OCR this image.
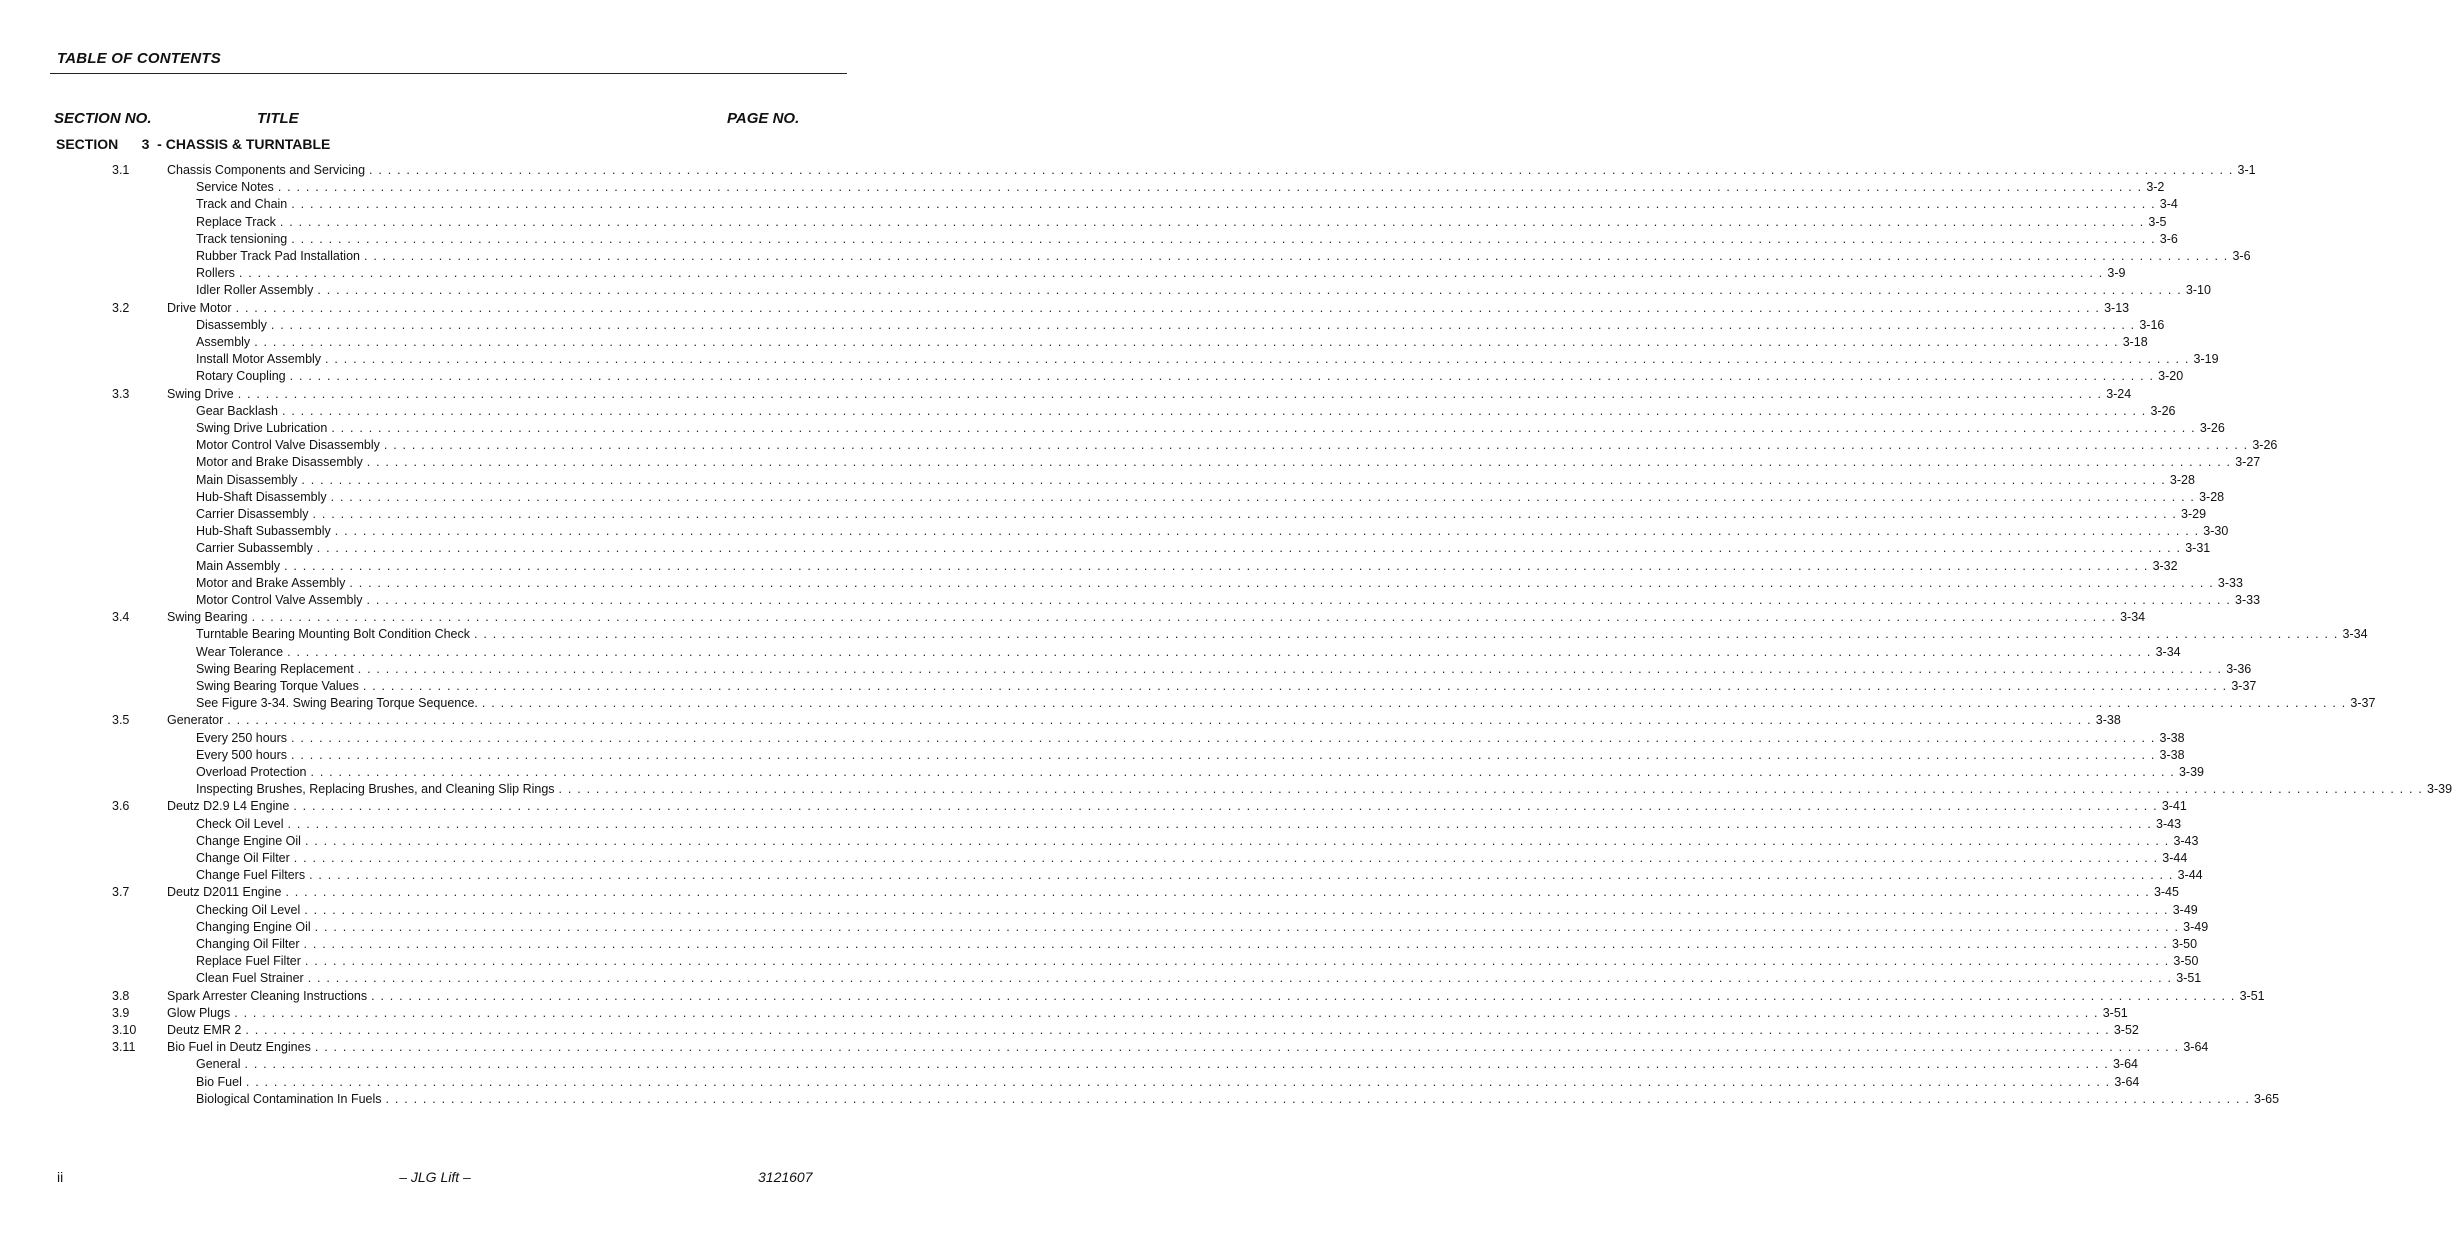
TABLE OF CONTENTS
SECTION NO.	TITLE	PAGE NO.
SECTION 3 - CHASSIS & TURNTABLE
3.1	Chassis Components and Servicing . . . . . . . . . . . . . . . . . . . . . . . . . . . . . . . . . . . . . . . . . . . . . . . . . . . . . . . . . . . . . . . . . . . . . . . . . . . . . . . . . . . . . . . . . . . . . . . . . . . . . . . . . . . . . . . . . . . . . . . . . . . . . . . . . . . . . . . . . . . . . . . . . . . . . . . . . . . . . . . . . . . . . . . . . . . . . . . . . . . . . . . . . . . . . . . . . . . . . . . . 3-1
Service Notes . . . . . . . . . . . . . . . . . . . . . . . . . . . . . . . . . . . . . . . . . . . . . . . . . . . . . . . . . . . . . . . . . . . . . . . . . . . . . . . . . . . . . . . . . . . . . . . . . . . . . . . . . . . . . . . . . . . . . . . . . . . . . . . . . . . . . . . . . . . . . . . . . . . . . . . . . . . . . . . . . . . . . . . . . . . . . . . . . . . . . . . . . . . . . . . . . . . . . . . . 3-2
Track and Chain . . . . . . . . . . . . . . . . . . . . . . . . . . . . . . . . . . . . . . . . . . . . . . . . . . . . . . . . . . . . . . . . . . . . . . . . . . . . . . . . . . . . . . . . . . . . . . . . . . . . . . . . . . . . . . . . . . . . . . . . . . . . . . . . . . . . . . . . . . . . . . . . . . . . . . . . . . . . . . . . . . . . . . . . . . . . . . . . . . . . . . . . . . . . . . . . . . . . . . . . 3-4
Replace Track . . . . . . . . . . . . . . . . . . . . . . . . . . . . . . . . . . . . . . . . . . . . . . . . . . . . . . . . . . . . . . . . . . . . . . . . . . . . . . . . . . . . . . . . . . . . . . . . . . . . . . . . . . . . . . . . . . . . . . . . . . . . . . . . . . . . . . . . . . . . . . . . . . . . . . . . . . . . . . . . . . . . . . . . . . . . . . . . . . . . . . . . . . . . . . . . . . . . . . . . 3-5
Track tensioning . . . . . . . . . . . . . . . . . . . . . . . . . . . . . . . . . . . . . . . . . . . . . . . . . . . . . . . . . . . . . . . . . . . . . . . . . . . . . . . . . . . . . . . . . . . . . . . . . . . . . . . . . . . . . . . . . . . . . . . . . . . . . . . . . . . . . . . . . . . . . . . . . . . . . . . . . . . . . . . . . . . . . . . . . . . . . . . . . . . . . . . . . . . . . . . . . . . . . . . . 3-6
Rubber Track Pad Installation . . . . . . . . . . . . . . . . . . . . . . . . . . . . . . . . . . . . . . . . . . . . . . . . . . . . . . . . . . . . . . . . . . . . . . . . . . . . . . . . . . . . . . . . . . . . . . . . . . . . . . . . . . . . . . . . . . . . . . . . . . . . . . . . . . . . . . . . . . . . . . . . . . . . . . . . . . . . . . . . . . . . . . . . . . . . . . . . . . . . . . . . . . . . . . . . . . . . . . . . 3-6
Rollers . . . . . . . . . . . . . . . . . . . . . . . . . . . . . . . . . . . . . . . . . . . . . . . . . . . . . . . . . . . . . . . . . . . . . . . . . . . . . . . . . . . . . . . . . . . . . . . . . . . . . . . . . . . . . . . . . . . . . . . . . . . . . . . . . . . . . . . . . . . . . . . . . . . . . . . . . . . . . . . . . . . . . . . . . . . . . . . . . . . . . . . . . . . . . . . . . . . . . . . . 3-9
Idler Roller Assembly . . . . . . . . . . . . . . . . . . . . . . . . . . . . . . . . . . . . . . . . . . . . . . . . . . . . . . . . . . . . . . . . . . . . . . . . . . . . . . . . . . . . . . . . . . . . . . . . . . . . . . . . . . . . . . . . . . . . . . . . . . . . . . . . . . . . . . . . . . . . . . . . . . . . . . . . . . . . . . . . . . . . . . . . . . . . . . . . . . . . . . . . . . . . . . . . . . . . . . . . 3-10
3.2	Drive Motor . . . . . . . . . . . . . . . . . . . . . . . . . . . . . . . . . . . . . . . . . . . . . . . . . . . . . . . . . . . . . . . . . . . . . . . . . . . . . . . . . . . . . . . . . . . . . . . . . . . . . . . . . . . . . . . . . . . . . . . . . . . . . . . . . . . . . . . . . . . . . . . . . . . . . . . . . . . . . . . . . . . . . . . . . . . . . . . . . . . . . . . . . . . . . . . . . . . . . . . . 3-13
Disassembly . . . . . . . . . . . . . . . . . . . . . . . . . . . . . . . . . . . . . . . . . . . . . . . . . . . . . . . . . . . . . . . . . . . . . . . . . . . . . . . . . . . . . . . . . . . . . . . . . . . . . . . . . . . . . . . . . . . . . . . . . . . . . . . . . . . . . . . . . . . . . . . . . . . . . . . . . . . . . . . . . . . . . . . . . . . . . . . . . . . . . . . . . . . . . . . . . . . . . . . . 3-16
Assembly . . . . . . . . . . . . . . . . . . . . . . . . . . . . . . . . . . . . . . . . . . . . . . . . . . . . . . . . . . . . . . . . . . . . . . . . . . . . . . . . . . . . . . . . . . . . . . . . . . . . . . . . . . . . . . . . . . . . . . . . . . . . . . . . . . . . . . . . . . . . . . . . . . . . . . . . . . . . . . . . . . . . . . . . . . . . . . . . . . . . . . . . . . . . . . . . . . . . . . . . 3-18
Install Motor Assembly . . . . . . . . . . . . . . . . . . . . . . . . . . . . . . . . . . . . . . . . . . . . . . . . . . . . . . . . . . . . . . . . . . . . . . . . . . . . . . . . . . . . . . . . . . . . . . . . . . . . . . . . . . . . . . . . . . . . . . . . . . . . . . . . . . . . . . . . . . . . . . . . . . . . . . . . . . . . . . . . . . . . . . . . . . . . . . . . . . . . . . . . . . . . . . . . . . . . . . . . 3-19
Rotary Coupling . . . . . . . . . . . . . . . . . . . . . . . . . . . . . . . . . . . . . . . . . . . . . . . . . . . . . . . . . . . . . . . . . . . . . . . . . . . . . . . . . . . . . . . . . . . . . . . . . . . . . . . . . . . . . . . . . . . . . . . . . . . . . . . . . . . . . . . . . . . . . . . . . . . . . . . . . . . . . . . . . . . . . . . . . . . . . . . . . . . . . . . . . . . . . . . . . . . . . . . . 3-20
3.3	Swing Drive . . . . . . . . . . . . . . . . . . . . . . . . . . . . . . . . . . . . . . . . . . . . . . . . . . . . . . . . . . . . . . . . . . . . . . . . . . . . . . . . . . . . . . . . . . . . . . . . . . . . . . . . . . . . . . . . . . . . . . . . . . . . . . . . . . . . . . . . . . . . . . . . . . . . . . . . . . . . . . . . . . . . . . . . . . . . . . . . . . . . . . . . . . . . . . . . . . . . . . . . 3-24
Gear Backlash . . . . . . . . . . . . . . . . . . . . . . . . . . . . . . . . . . . . . . . . . . . . . . . . . . . . . . . . . . . . . . . . . . . . . . . . . . . . . . . . . . . . . . . . . . . . . . . . . . . . . . . . . . . . . . . . . . . . . . . . . . . . . . . . . . . . . . . . . . . . . . . . . . . . . . . . . . . . . . . . . . . . . . . . . . . . . . . . . . . . . . . . . . . . . . . . . . . . . . . . 3-26
Swing Drive Lubrication . . . . . . . . . . . . . . . . . . . . . . . . . . . . . . . . . . . . . . . . . . . . . . . . . . . . . . . . . . . . . . . . . . . . . . . . . . . . . . . . . . . . . . . . . . . . . . . . . . . . . . . . . . . . . . . . . . . . . . . . . . . . . . . . . . . . . . . . . . . . . . . . . . . . . . . . . . . . . . . . . . . . . . . . . . . . . . . . . . . . . . . . . . . . . . . . . . . . . . . . 3-26
Motor Control Valve Disassembly . . . . . . . . . . . . . . . . . . . . . . . . . . . . . . . . . . . . . . . . . . . . . . . . . . . . . . . . . . . . . . . . . . . . . . . . . . . . . . . . . . . . . . . . . . . . . . . . . . . . . . . . . . . . . . . . . . . . . . . . . . . . . . . . . . . . . . . . . . . . . . . . . . . . . . . . . . . . . . . . . . . . . . . . . . . . . . . . . . . . . . . . . . . . . . . . . . . . . . . . 3-26
Motor and Brake Disassembly . . . . . . . . . . . . . . . . . . . . . . . . . . . . . . . . . . . . . . . . . . . . . . . . . . . . . . . . . . . . . . . . . . . . . . . . . . . . . . . . . . . . . . . . . . . . . . . . . . . . . . . . . . . . . . . . . . . . . . . . . . . . . . . . . . . . . . . . . . . . . . . . . . . . . . . . . . . . . . . . . . . . . . . . . . . . . . . . . . . . . . . . . . . . . . . . . . . . . . . . 3-27
Main Disassembly . . . . . . . . . . . . . . . . . . . . . . . . . . . . . . . . . . . . . . . . . . . . . . . . . . . . . . . . . . . . . . . . . . . . . . . . . . . . . . . . . . . . . . . . . . . . . . . . . . . . . . . . . . . . . . . . . . . . . . . . . . . . . . . . . . . . . . . . . . . . . . . . . . . . . . . . . . . . . . . . . . . . . . . . . . . . . . . . . . . . . . . . . . . . . . . . . . . . . . . . 3-28
Hub-Shaft Disassembly . . . . . . . . . . . . . . . . . . . . . . . . . . . . . . . . . . . . . . . . . . . . . . . . . . . . . . . . . . . . . . . . . . . . . . . . . . . . . . . . . . . . . . . . . . . . . . . . . . . . . . . . . . . . . . . . . . . . . . . . . . . . . . . . . . . . . . . . . . . . . . . . . . . . . . . . . . . . . . . . . . . . . . . . . . . . . . . . . . . . . . . . . . . . . . . . . . . . . . . . 3-28
Carrier Disassembly . . . . . . . . . . . . . . . . . . . . . . . . . . . . . . . . . . . . . . . . . . . . . . . . . . . . . . . . . . . . . . . . . . . . . . . . . . . . . . . . . . . . . . . . . . . . . . . . . . . . . . . . . . . . . . . . . . . . . . . . . . . . . . . . . . . . . . . . . . . . . . . . . . . . . . . . . . . . . . . . . . . . . . . . . . . . . . . . . . . . . . . . . . . . . . . . . . . . . . . . 3-29
Hub-Shaft Subassembly . . . . . . . . . . . . . . . . . . . . . . . . . . . . . . . . . . . . . . . . . . . . . . . . . . . . . . . . . . . . . . . . . . . . . . . . . . . . . . . . . . . . . . . . . . . . . . . . . . . . . . . . . . . . . . . . . . . . . . . . . . . . . . . . . . . . . . . . . . . . . . . . . . . . . . . . . . . . . . . . . . . . . . . . . . . . . . . . . . . . . . . . . . . . . . . . . . . . . . . . 3-30
Carrier Subassembly . . . . . . . . . . . . . . . . . . . . . . . . . . . . . . . . . . . . . . . . . . . . . . . . . . . . . . . . . . . . . . . . . . . . . . . . . . . . . . . . . . . . . . . . . . . . . . . . . . . . . . . . . . . . . . . . . . . . . . . . . . . . . . . . . . . . . . . . . . . . . . . . . . . . . . . . . . . . . . . . . . . . . . . . . . . . . . . . . . . . . . . . . . . . . . . . . . . . . . . . 3-31
Main Assembly . . . . . . . . . . . . . . . . . . . . . . . . . . . . . . . . . . . . . . . . . . . . . . . . . . . . . . . . . . . . . . . . . . . . . . . . . . . . . . . . . . . . . . . . . . . . . . . . . . . . . . . . . . . . . . . . . . . . . . . . . . . . . . . . . . . . . . . . . . . . . . . . . . . . . . . . . . . . . . . . . . . . . . . . . . . . . . . . . . . . . . . . . . . . . . . . . . . . . . . . 3-32
Motor and Brake Assembly . . . . . . . . . . . . . . . . . . . . . . . . . . . . . . . . . . . . . . . . . . . . . . . . . . . . . . . . . . . . . . . . . . . . . . . . . . . . . . . . . . . . . . . . . . . . . . . . . . . . . . . . . . . . . . . . . . . . . . . . . . . . . . . . . . . . . . . . . . . . . . . . . . . . . . . . . . . . . . . . . . . . . . . . . . . . . . . . . . . . . . . . . . . . . . . . . . . . . . . . 3-33
Motor Control Valve Assembly . . . . . . . . . . . . . . . . . . . . . . . . . . . . . . . . . . . . . . . . . . . . . . . . . . . . . . . . . . . . . . . . . . . . . . . . . . . . . . . . . . . . . . . . . . . . . . . . . . . . . . . . . . . . . . . . . . . . . . . . . . . . . . . . . . . . . . . . . . . . . . . . . . . . . . . . . . . . . . . . . . . . . . . . . . . . . . . . . . . . . . . . . . . . . . . . . . . . . . . . 3-33
3.4	Swing Bearing . . . . . . . . . . . . . . . . . . . . . . . . . . . . . . . . . . . . . . . . . . . . . . . . . . . . . . . . . . . . . . . . . . . . . . . . . . . . . . . . . . . . . . . . . . . . . . . . . . . . . . . . . . . . . . . . . . . . . . . . . . . . . . . . . . . . . . . . . . . . . . . . . . . . . . . . . . . . . . . . . . . . . . . . . . . . . . . . . . . . . . . . . . . . . . . . . . . . . . . . 3-34
Turntable Bearing Mounting Bolt Condition Check . . . . . . . . . . . . . . . . . . . . . . . . . . . . . . . . . . . . . . . . . . . . . . . . . . . . . . . . . . . . . . . . . . . . . . . . . . . . . . . . . . . . . . . . . . . . . . . . . . . . . . . . . . . . . . . . . . . . . . . . . . . . . . . . . . . . . . . . . . . . . . . . . . . . . . . . . . . . . . . . . . . . . . . . . . . . . . . . . . . . . . . . . . . . . . . . . . . . . . . . 3-34
Wear Tolerance . . . . . . . . . . . . . . . . . . . . . . . . . . . . . . . . . . . . . . . . . . . . . . . . . . . . . . . . . . . . . . . . . . . . . . . . . . . . . . . . . . . . . . . . . . . . . . . . . . . . . . . . . . . . . . . . . . . . . . . . . . . . . . . . . . . . . . . . . . . . . . . . . . . . . . . . . . . . . . . . . . . . . . . . . . . . . . . . . . . . . . . . . . . . . . . . . . . . . . . . 3-34
Swing Bearing Replacement . . . . . . . . . . . . . . . . . . . . . . . . . . . . . . . . . . . . . . . . . . . . . . . . . . . . . . . . . . . . . . . . . . . . . . . . . . . . . . . . . . . . . . . . . . . . . . . . . . . . . . . . . . . . . . . . . . . . . . . . . . . . . . . . . . . . . . . . . . . . . . . . . . . . . . . . . . . . . . . . . . . . . . . . . . . . . . . . . . . . . . . . . . . . . . . . . . . . . . . . 3-36
Swing Bearing Torque Values . . . . . . . . . . . . . . . . . . . . . . . . . . . . . . . . . . . . . . . . . . . . . . . . . . . . . . . . . . . . . . . . . . . . . . . . . . . . . . . . . . . . . . . . . . . . . . . . . . . . . . . . . . . . . . . . . . . . . . . . . . . . . . . . . . . . . . . . . . . . . . . . . . . . . . . . . . . . . . . . . . . . . . . . . . . . . . . . . . . . . . . . . . . . . . . . . . . . . . . . 3-37
See Figure 3-34. Swing Bearing Torque Sequence. . . . . . . . . . . . . . . . . . . . . . . . . . . . . . . . . . . . . . . . . . . . . . . . . . . . . . . . . . . . . . . . . . . . . . . . . . . . . . . . . . . . . . . . . . . . . . . . . . . . . . . . . . . . . . . . . . . . . . . . . . . . . . . . . . . . . . . . . . . . . . . . . . . . . . . . . . . . . . . . . . . . . . . . . . . . . . . . . . . . . . . . . . . . . . . . . . . . . . . . . 3-37
3.5	Generator . . . . . . . . . . . . . . . . . . . . . . . . . . . . . . . . . . . . . . . . . . . . . . . . . . . . . . . . . . . . . . . . . . . . . . . . . . . . . . . . . . . . . . . . . . . . . . . . . . . . . . . . . . . . . . . . . . . . . . . . . . . . . . . . . . . . . . . . . . . . . . . . . . . . . . . . . . . . . . . . . . . . . . . . . . . . . . . . . . . . . . . . . . . . . . . . . . . . . . . . 3-38
Every 250 hours . . . . . . . . . . . . . . . . . . . . . . . . . . . . . . . . . . . . . . . . . . . . . . . . . . . . . . . . . . . . . . . . . . . . . . . . . . . . . . . . . . . . . . . . . . . . . . . . . . . . . . . . . . . . . . . . . . . . . . . . . . . . . . . . . . . . . . . . . . . . . . . . . . . . . . . . . . . . . . . . . . . . . . . . . . . . . . . . . . . . . . . . . . . . . . . . . . . . . . . . 3-38
Every 500 hours . . . . . . . . . . . . . . . . . . . . . . . . . . . . . . . . . . . . . . . . . . . . . . . . . . . . . . . . . . . . . . . . . . . . . . . . . . . . . . . . . . . . . . . . . . . . . . . . . . . . . . . . . . . . . . . . . . . . . . . . . . . . . . . . . . . . . . . . . . . . . . . . . . . . . . . . . . . . . . . . . . . . . . . . . . . . . . . . . . . . . . . . . . . . . . . . . . . . . . . . 3-38
Overload Protection . . . . . . . . . . . . . . . . . . . . . . . . . . . . . . . . . . . . . . . . . . . . . . . . . . . . . . . . . . . . . . . . . . . . . . . . . . . . . . . . . . . . . . . . . . . . . . . . . . . . . . . . . . . . . . . . . . . . . . . . . . . . . . . . . . . . . . . . . . . . . . . . . . . . . . . . . . . . . . . . . . . . . . . . . . . . . . . . . . . . . . . . . . . . . . . . . . . . . . . . 3-39
Inspecting Brushes, Replacing Brushes, and Cleaning Slip Rings . . . . . . . . . . . . . . . . . . . . . . . . . . . . . . . . . . . . . . . . . . . . . . . . . . . . . . . . . . . . . . . . . . . . . . . . . . . . . . . . . . . . . . . . . . . . . . . . . . . . . . . . . . . . . . . . . . . . . . . . . . . . . . . . . . . . . . . . . . . . . . . . . . . . . . . . . . . . . . . . . . . . . . . . . . . . . . . . . . . . . . . . . . . . . . . . . . . . . . . . 3-39
3.6	Deutz D2.9 L4 Engine . . . . . . . . . . . . . . . . . . . . . . . . . . . . . . . . . . . . . . . . . . . . . . . . . . . . . . . . . . . . . . . . . . . . . . . . . . . . . . . . . . . . . . . . . . . . . . . . . . . . . . . . . . . . . . . . . . . . . . . . . . . . . . . . . . . . . . . . . . . . . . . . . . . . . . . . . . . . . . . . . . . . . . . . . . . . . . . . . . . . . . . . . . . . . . . . . . . . . . . . 3-41
Check Oil Level . . . . . . . . . . . . . . . . . . . . . . . . . . . . . . . . . . . . . . . . . . . . . . . . . . . . . . . . . . . . . . . . . . . . . . . . . . . . . . . . . . . . . . . . . . . . . . . . . . . . . . . . . . . . . . . . . . . . . . . . . . . . . . . . . . . . . . . . . . . . . . . . . . . . . . . . . . . . . . . . . . . . . . . . . . . . . . . . . . . . . . . . . . . . . . . . . . . . . . . . 3-43
Change Engine Oil . . . . . . . . . . . . . . . . . . . . . . . . . . . . . . . . . . . . . . . . . . . . . . . . . . . . . . . . . . . . . . . . . . . . . . . . . . . . . . . . . . . . . . . . . . . . . . . . . . . . . . . . . . . . . . . . . . . . . . . . . . . . . . . . . . . . . . . . . . . . . . . . . . . . . . . . . . . . . . . . . . . . . . . . . . . . . . . . . . . . . . . . . . . . . . . . . . . . . . . . 3-43
Change Oil Filter . . . . . . . . . . . . . . . . . . . . . . . . . . . . . . . . . . . . . . . . . . . . . . . . . . . . . . . . . . . . . . . . . . . . . . . . . . . . . . . . . . . . . . . . . . . . . . . . . . . . . . . . . . . . . . . . . . . . . . . . . . . . . . . . . . . . . . . . . . . . . . . . . . . . . . . . . . . . . . . . . . . . . . . . . . . . . . . . . . . . . . . . . . . . . . . . . . . . . . . . 3-44
Change Fuel Filters . . . . . . . . . . . . . . . . . . . . . . . . . . . . . . . . . . . . . . . . . . . . . . . . . . . . . . . . . . . . . . . . . . . . . . . . . . . . . . . . . . . . . . . . . . . . . . . . . . . . . . . . . . . . . . . . . . . . . . . . . . . . . . . . . . . . . . . . . . . . . . . . . . . . . . . . . . . . . . . . . . . . . . . . . . . . . . . . . . . . . . . . . . . . . . . . . . . . . . . . 3-44
3.7	Deutz D2011 Engine . . . . . . . . . . . . . . . . . . . . . . . . . . . . . . . . . . . . . . . . . . . . . . . . . . . . . . . . . . . . . . . . . . . . . . . . . . . . . . . . . . . . . . . . . . . . . . . . . . . . . . . . . . . . . . . . . . . . . . . . . . . . . . . . . . . . . . . . . . . . . . . . . . . . . . . . . . . . . . . . . . . . . . . . . . . . . . . . . . . . . . . . . . . . . . . . . . . . . . . . 3-45
Checking Oil Level . . . . . . . . . . . . . . . . . . . . . . . . . . . . . . . . . . . . . . . . . . . . . . . . . . . . . . . . . . . . . . . . . . . . . . . . . . . . . . . . . . . . . . . . . . . . . . . . . . . . . . . . . . . . . . . . . . . . . . . . . . . . . . . . . . . . . . . . . . . . . . . . . . . . . . . . . . . . . . . . . . . . . . . . . . . . . . . . . . . . . . . . . . . . . . . . . . . . . . . . 3-49
Changing Engine Oil . . . . . . . . . . . . . . . . . . . . . . . . . . . . . . . . . . . . . . . . . . . . . . . . . . . . . . . . . . . . . . . . . . . . . . . . . . . . . . . . . . . . . . . . . . . . . . . . . . . . . . . . . . . . . . . . . . . . . . . . . . . . . . . . . . . . . . . . . . . . . . . . . . . . . . . . . . . . . . . . . . . . . . . . . . . . . . . . . . . . . . . . . . . . . . . . . . . . . . . . 3-49
Changing Oil Filter . . . . . . . . . . . . . . . . . . . . . . . . . . . . . . . . . . . . . . . . . . . . . . . . . . . . . . . . . . . . . . . . . . . . . . . . . . . . . . . . . . . . . . . . . . . . . . . . . . . . . . . . . . . . . . . . . . . . . . . . . . . . . . . . . . . . . . . . . . . . . . . . . . . . . . . . . . . . . . . . . . . . . . . . . . . . . . . . . . . . . . . . . . . . . . . . . . . . . . . . 3-50
Replace Fuel Filter . . . . . . . . . . . . . . . . . . . . . . . . . . . . . . . . . . . . . . . . . . . . . . . . . . . . . . . . . . . . . . . . . . . . . . . . . . . . . . . . . . . . . . . . . . . . . . . . . . . . . . . . . . . . . . . . . . . . . . . . . . . . . . . . . . . . . . . . . . . . . . . . . . . . . . . . . . . . . . . . . . . . . . . . . . . . . . . . . . . . . . . . . . . . . . . . . . . . . . . . 3-50
Clean Fuel Strainer . . . . . . . . . . . . . . . . . . . . . . . . . . . . . . . . . . . . . . . . . . . . . . . . . . . . . . . . . . . . . . . . . . . . . . . . . . . . . . . . . . . . . . . . . . . . . . . . . . . . . . . . . . . . . . . . . . . . . . . . . . . . . . . . . . . . . . . . . . . . . . . . . . . . . . . . . . . . . . . . . . . . . . . . . . . . . . . . . . . . . . . . . . . . . . . . . . . . . . . . 3-51
3.8	Spark Arrester Cleaning Instructions . . . . . . . . . . . . . . . . . . . . . . . . . . . . . . . . . . . . . . . . . . . . . . . . . . . . . . . . . . . . . . . . . . . . . . . . . . . . . . . . . . . . . . . . . . . . . . . . . . . . . . . . . . . . . . . . . . . . . . . . . . . . . . . . . . . . . . . . . . . . . . . . . . . . . . . . . . . . . . . . . . . . . . . . . . . . . . . . . . . . . . . . . . . . . . . . . . . . . . . . 3-51
3.9	Glow Plugs . . . . . . . . . . . . . . . . . . . . . . . . . . . . . . . . . . . . . . . . . . . . . . . . . . . . . . . . . . . . . . . . . . . . . . . . . . . . . . . . . . . . . . . . . . . . . . . . . . . . . . . . . . . . . . . . . . . . . . . . . . . . . . . . . . . . . . . . . . . . . . . . . . . . . . . . . . . . . . . . . . . . . . . . . . . . . . . . . . . . . . . . . . . . . . . . . . . . . . . . 3-51
3.10 Deutz EMR 2 . . . . . . . . . . . . . . . . . . . . . . . . . . . . . . . . . . . . . . . . . . . . . . . . . . . . . . . . . . . . . . . . . . . . . . . . . . . . . . . . . . . . . . . . . . . . . . . . . . . . . . . . . . . . . . . . . . . . . . . . . . . . . . . . . . . . . . . . . . . . . . . . . . . . . . . . . . . . . . . . . . . . . . . . . . . . . . . . . . . . . . . . . . . . . . . . . . . . . . . . 3-52
3.11	Bio Fuel in Deutz Engines . . . . . . . . . . . . . . . . . . . . . . . . . . . . . . . . . . . . . . . . . . . . . . . . . . . . . . . . . . . . . . . . . . . . . . . . . . . . . . . . . . . . . . . . . . . . . . . . . . . . . . . . . . . . . . . . . . . . . . . . . . . . . . . . . . . . . . . . . . . . . . . . . . . . . . . . . . . . . . . . . . . . . . . . . . . . . . . . . . . . . . . . . . . . . . . . . . . . . . . . 3-64
General . . . . . . . . . . . . . . . . . . . . . . . . . . . . . . . . . . . . . . . . . . . . . . . . . . . . . . . . . . . . . . . . . . . . . . . . . . . . . . . . . . . . . . . . . . . . . . . . . . . . . . . . . . . . . . . . . . . . . . . . . . . . . . . . . . . . . . . . . . . . . . . . . . . . . . . . . . . . . . . . . . . . . . . . . . . . . . . . . . . . . . . . . . . . . . . . . . . . . . . . 3-64
Bio Fuel . . . . . . . . . . . . . . . . . . . . . . . . . . . . . . . . . . . . . . . . . . . . . . . . . . . . . . . . . . . . . . . . . . . . . . . . . . . . . . . . . . . . . . . . . . . . . . . . . . . . . . . . . . . . . . . . . . . . . . . . . . . . . . . . . . . . . . . . . . . . . . . . . . . . . . . . . . . . . . . . . . . . . . . . . . . . . . . . . . . . . . . . . . . . . . . . . . . . . . . . 3-64
Biological Contamination In Fuels . . . . . . . . . . . . . . . . . . . . . . . . . . . . . . . . . . . . . . . . . . . . . . . . . . . . . . . . . . . . . . . . . . . . . . . . . . . . . . . . . . . . . . . . . . . . . . . . . . . . . . . . . . . . . . . . . . . . . . . . . . . . . . . . . . . . . . . . . . . . . . . . . . . . . . . . . . . . . . . . . . . . . . . . . . . . . . . . . . . . . . . . . . . . . . . . . . . . . . . . 3-65
ii	– JLG Lift –	3121607
